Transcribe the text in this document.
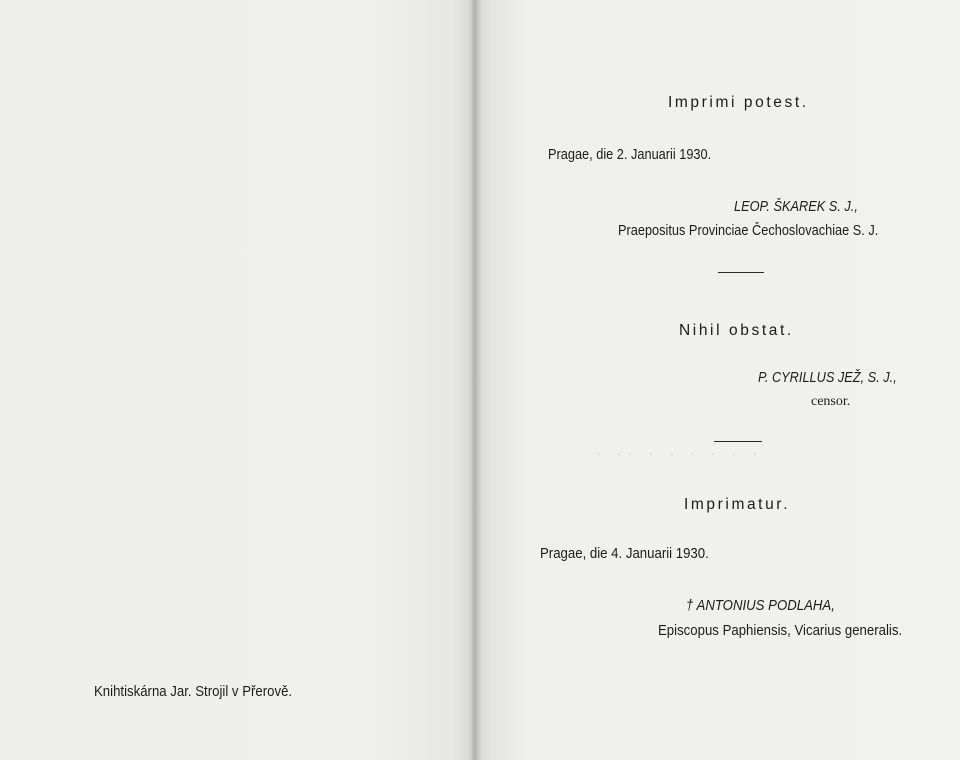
Knihtiskárna Jar. Strojil v Přerově.
Imprimi potest.
Pragae, die 2. Januarii 1930.
LEOP. ŠKAREK S. J.,
Praepositus Provinciae Čechoslovachiae S. J.
Nihil obstat.
P. CYRILLUS JEŽ, S. J.,
censor.
· ·· · · · · · ·
Imprimatur.
Pragae, die 4. Januarii 1930.
† ANTONIUS PODLAHA,
Episcopus Paphiensis, Vicarius generalis.
